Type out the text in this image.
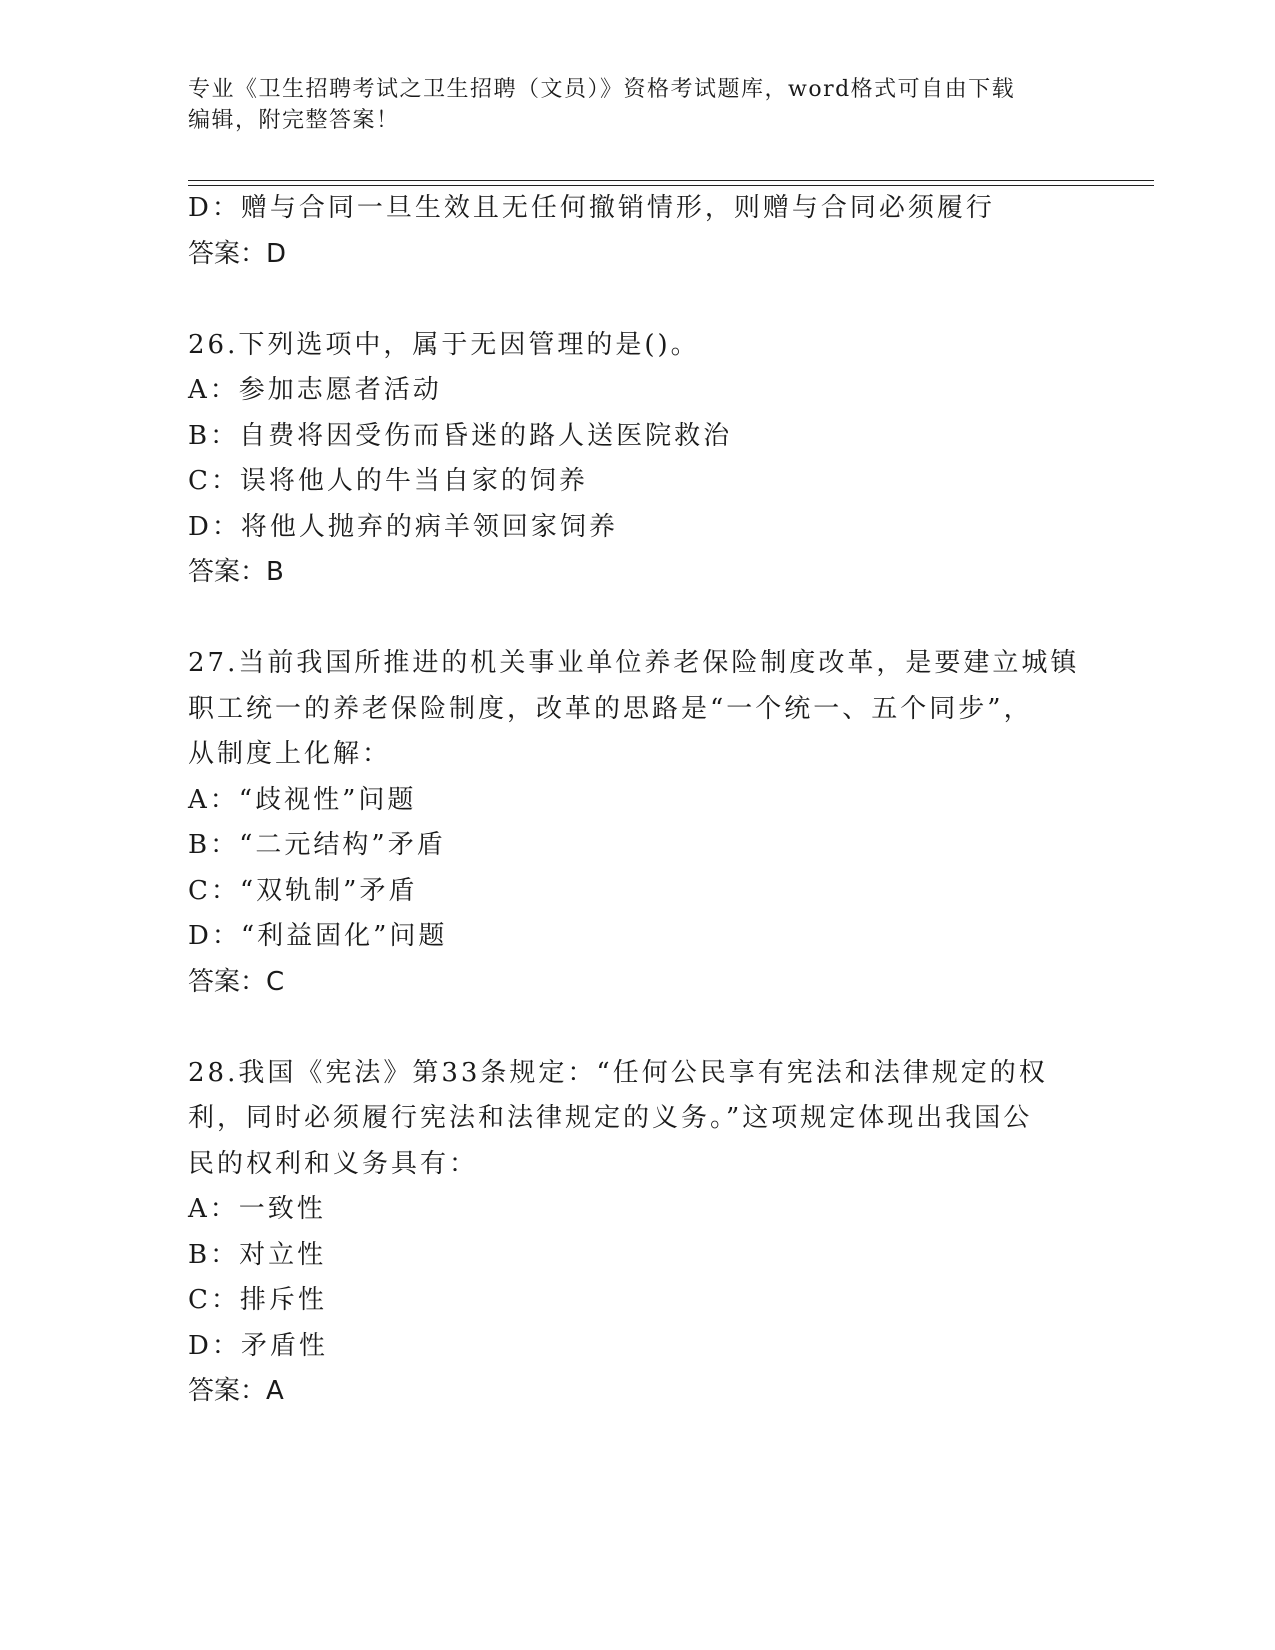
专业《卫生招聘考试之卫生招聘（文员）》资格考试题库，word格式可自由下载
编辑，附完整答案！
D：赠与合同一旦生效且无任何撤销情形，则赠与合同必须履行
答案：D
26.下列选项中，属于无因管理的是()。
A：参加志愿者活动
B：自费将因受伤而昏迷的路人送医院救治
C：误将他人的牛当自家的饲养
D：将他人抛弃的病羊领回家饲养
答案：B
27.当前我国所推进的机关事业单位养老保险制度改革，是要建立城镇
职工统一的养老保险制度，改革的思路是“一个统一、五个同步”，
从制度上化解：
A：“歧视性”问题
B：“二元结构”矛盾
C：“双轨制”矛盾
D：“利益固化”问题
答案：C
28.我国《宪法》第33条规定：“任何公民享有宪法和法律规定的权
利，同时必须履行宪法和法律规定的义务。”这项规定体现出我国公
民的权利和义务具有：
A：一致性
B：对立性
C：排斥性
D：矛盾性
答案：A
